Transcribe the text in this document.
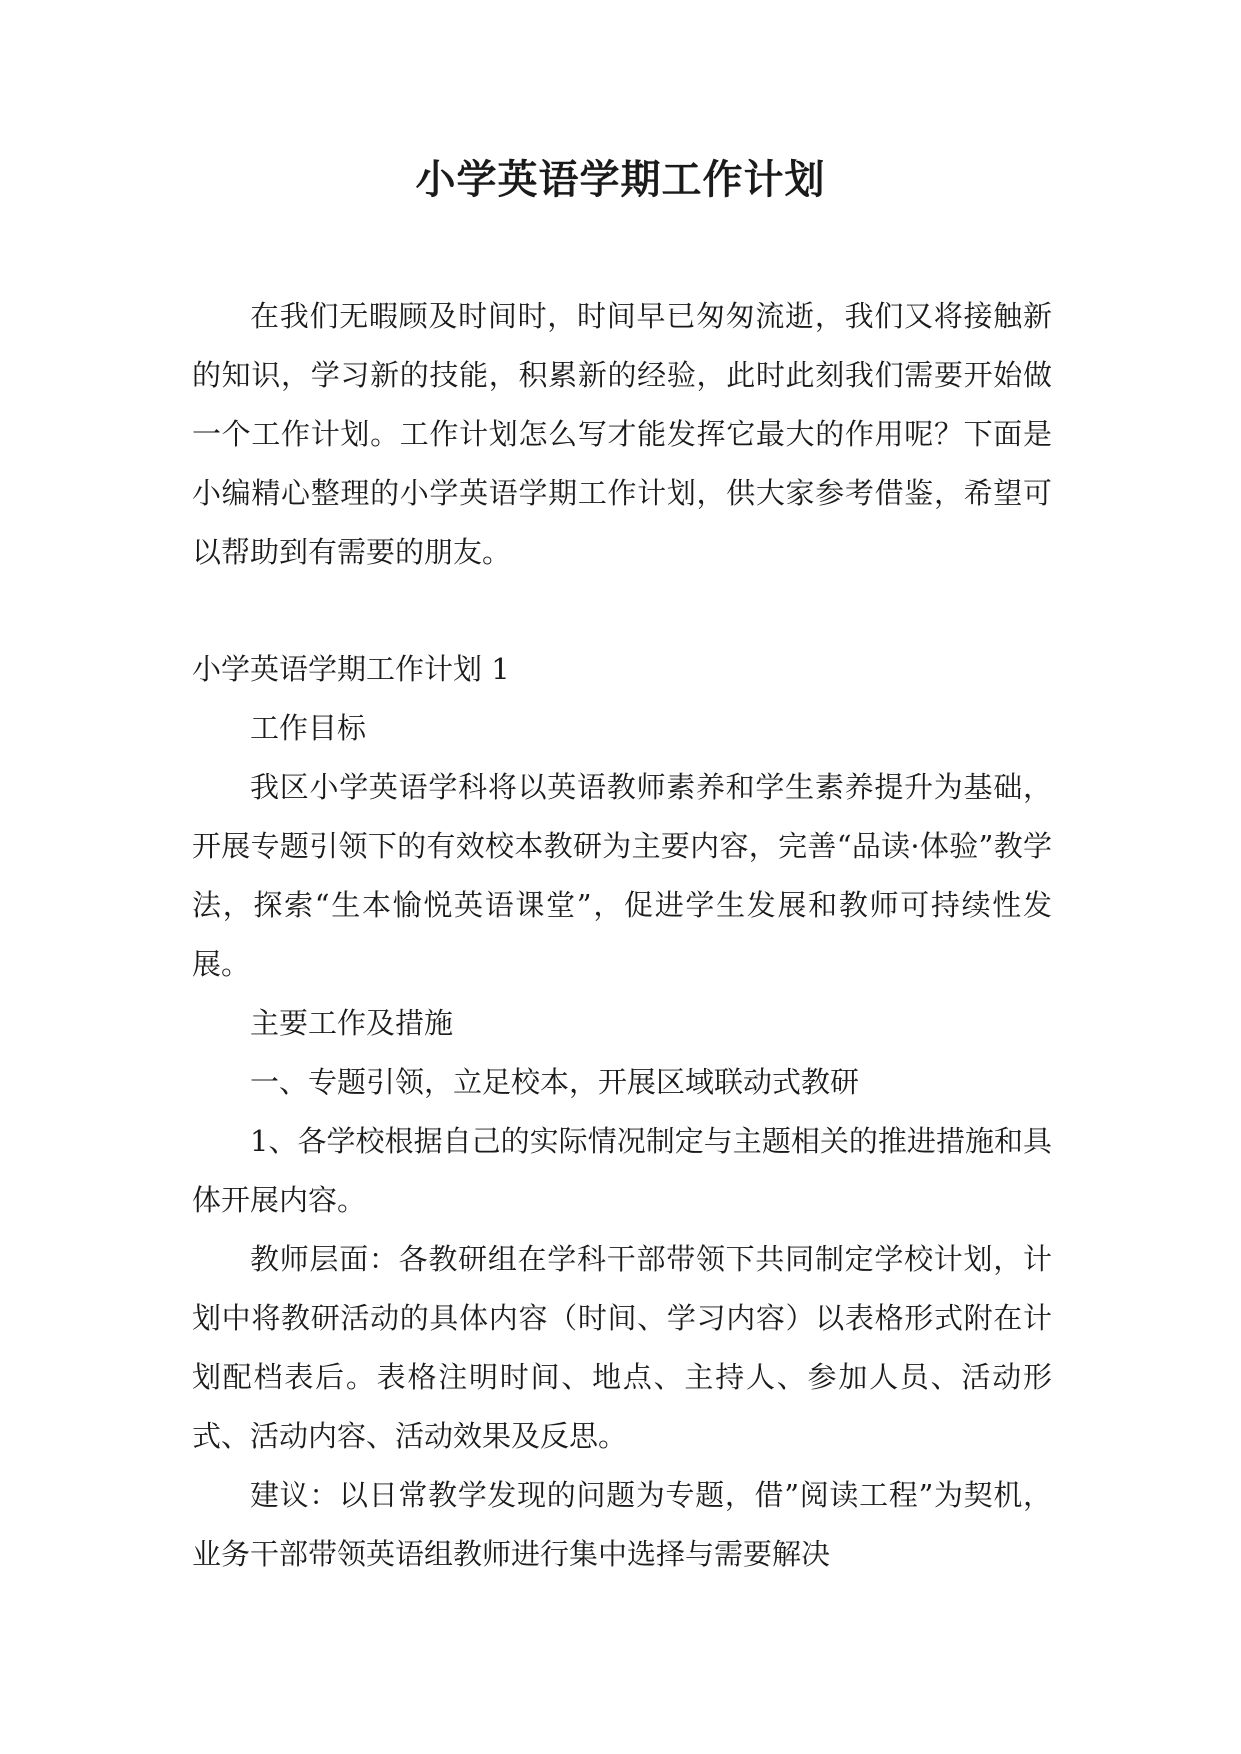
小学英语学期工作计划

在我们无暇顾及时间时，时间早已匆匆流逝，我们又将接触新的知识，学习新的技能，积累新的经验，此时此刻我们需要开始做一个工作计划。工作计划怎么写才能发挥它最大的作用呢？下面是小编精心整理的小学英语学期工作计划，供大家参考借鉴，希望可以帮助到有需要的朋友。

小学英语学期工作计划 1

工作目标

我区小学英语学科将以英语教师素养和学生素养提升为基础，开展专题引领下的有效校本教研为主要内容，完善“品读·体验”教学法，探索“生本愉悦英语课堂”，促进学生发展和教师可持续性发展。

主要工作及措施

一、专题引领，立足校本，开展区域联动式教研

1、各学校根据自己的实际情况制定与主题相关的推进措施和具体开展内容。

教师层面：各教研组在学科干部带领下共同制定学校计划，计划中将教研活动的具体内容（时间、学习内容）以表格形式附在计划配档表后。表格注明时间、地点、主持人、参加人员、活动形式、活动内容、活动效果及反思。

建议：以日常教学发现的问题为专题，借”阅读工程”为契机，业务干部带领英语组教师进行集中选择与需要解决
